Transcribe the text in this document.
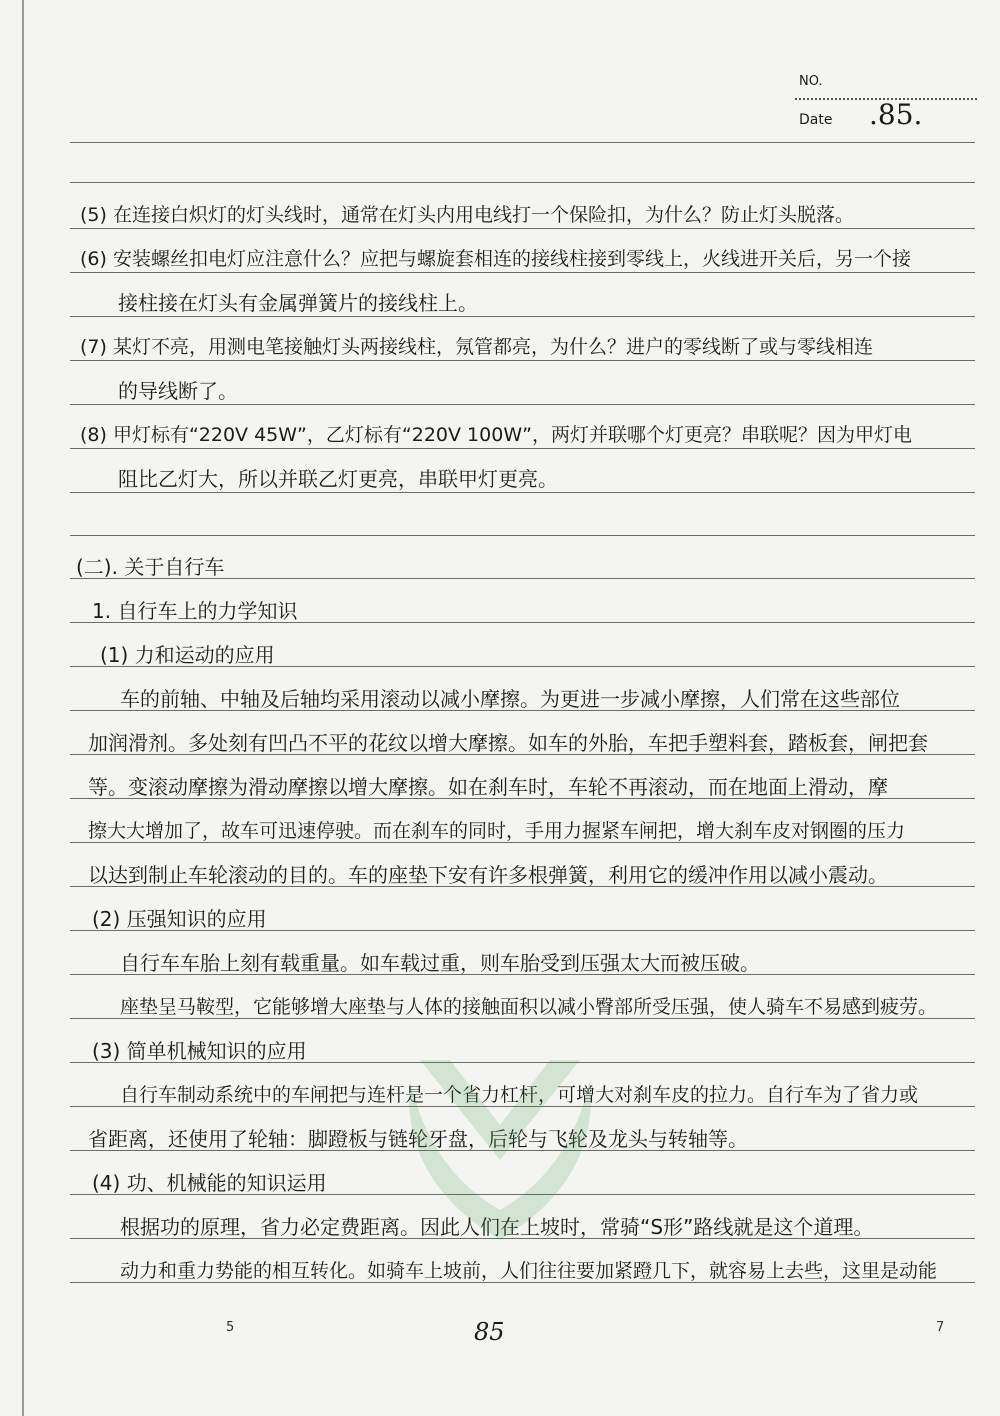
NO.
Date .85.
(5) 在连接白炽灯的灯头线时，通常在灯头内用电线打一个保险扣，为什么？防止灯头脱落。
(6) 安装螺丝扣电灯应注意什么？应把与螺旋套相连的接线柱接到零线上，火线进开关后，另一个接
接柱接在灯头有金属弹簧片的接线柱上。
(7) 某灯不亮，用测电笔接触灯头两接线柱，氖管都亮，为什么？进户的零线断了或与零线相连
的导线断了。
(8) 甲灯标有“220V 45W”，乙灯标有“220V 100W”，两灯并联哪个灯更亮？串联呢？因为甲灯电
阻比乙灯大，所以并联乙灯更亮，串联甲灯更亮。
(二). 关于自行车
1. 自行车上的力学知识
(1) 力和运动的应用
车的前轴、中轴及后轴均采用滚动以减小摩擦。为更进一步减小摩擦，人们常在这些部位
加润滑剂。多处刻有凹凸不平的花纹以增大摩擦。如车的外胎，车把手塑料套，踏板套，闸把套
等。变滚动摩擦为滑动摩擦以增大摩擦。如在刹车时，车轮不再滚动，而在地面上滑动，摩
擦大大增加了，故车可迅速停驶。而在刹车的同时，手用力握紧车闸把，增大刹车皮对钢圈的压力
以达到制止车轮滚动的目的。车的座垫下安有许多根弹簧，利用它的缓冲作用以减小震动。
(2) 压强知识的应用
自行车车胎上刻有载重量。如车载过重，则车胎受到压强太大而被压破。
座垫呈马鞍型，它能够增大座垫与人体的接触面积以减小臀部所受压强，使人骑车不易感到疲劳。
(3) 简单机械知识的应用
自行车制动系统中的车闸把与连杆是一个省力杠杆，可增大对刹车皮的拉力。自行车为了省力或
省距离，还使用了轮轴：脚蹬板与链轮牙盘，后轮与飞轮及龙头与转轴等。
(4) 功、机械能的知识运用
根据功的原理，省力必定费距离。因此人们在上坡时，常骑“S形”路线就是这个道理。
动力和重力势能的相互转化。如骑车上坡前，人们往往要加紧蹬几下，就容易上去些，这里是动能
5	85	7
